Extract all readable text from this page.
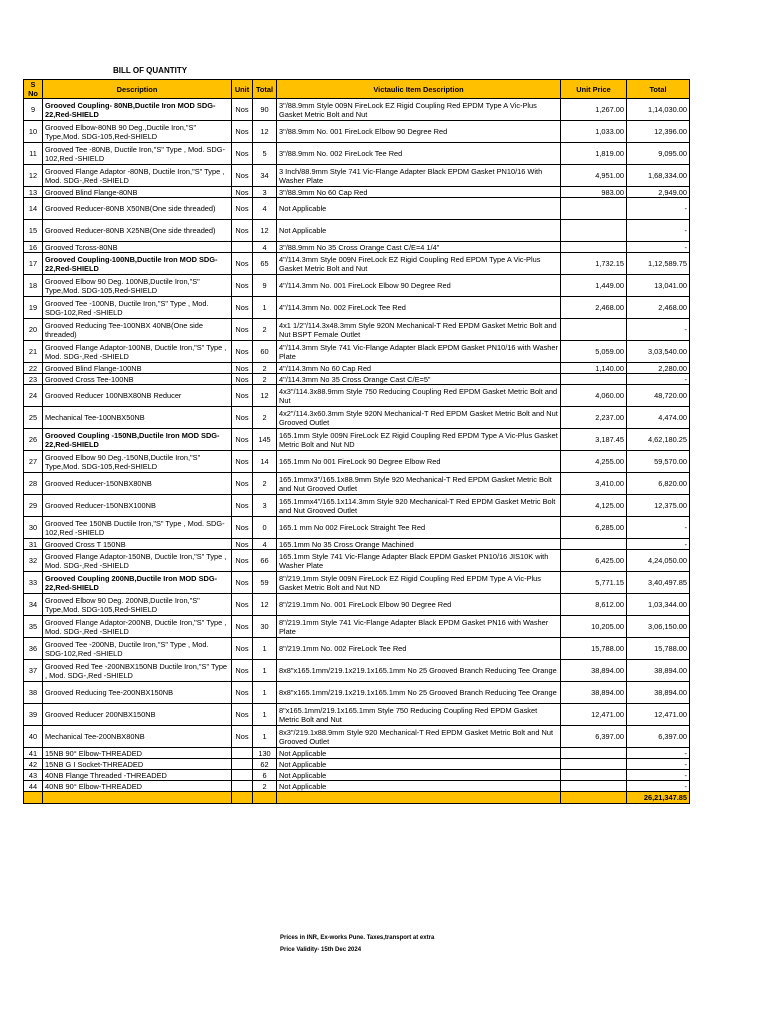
BILL OF QUANTITY
S No	Description	Unit	Total	Victaulic Item Description	Unit Price	Total
9	Grooved Coupling- 80NB,Ductile Iron MOD SDG-22,Red-SHIELD	Nos	90	3"/88.9mm Style 009N FireLock EZ Rigid Coupling Red EPDM Type A Vic-Plus Gasket Metric Bolt and Nut	1,267.00	1,14,030.00
10	Grooved Elbow-80NB 90 Deg.,Ductile Iron,"S" Type,Mod. SDG-105,Red-SHIELD	Nos	12	3"/88.9mm No. 001 FireLock Elbow 90 Degree Red	1,033.00	12,396.00
11	Grooved Tee -80NB, Ductile Iron,"S" Type , Mod. SDG-102,Red -SHIELD	Nos	5	3"/88.9mm No. 002 FireLock Tee Red	1,819.00	9,095.00
12	Grooved Flange Adaptor -80NB, Ductile Iron,"S" Type , Mod. SDG-,Red -SHIELD	Nos	34	3 Inch/88.9mm Style 741 Vic-Flange Adapter Black EPDM Gasket PN10/16 With Washer Plate	4,951.00	1,68,334.00
13	Grooved Blind Flange-80NB	Nos	3	3"/88.9mm No 60 Cap Red	983.00	2,949.00
14	Grooved Reducer-80NB X50NB(One side threaded)	Nos	4	Not Applicable		-
15	Grooved Reducer-80NB X25NB(One side threaded)	Nos	12	Not Applicable		-
16	Grooved Tcross-80NB		4	3"/88.9mm No 35 Cross Orange Cast C/E=4 1/4"		-
17	Grooved Coupling-100NB,Ductile Iron MOD SDG-22,Red-SHIELD	Nos	65	4"/114.3mm Style 009N FireLock EZ Rigid Coupling Red EPDM Type A Vic-Plus Gasket Metric Bolt and Nut	1,732.15	1,12,589.75
18	Grooved Elbow 90 Deg. 100NB,Ductile Iron,"S" Type,Mod. SDG-105,Red-SHIELD	Nos	9	4"/114.3mm No. 001 FireLock Elbow 90 Degree Red	1,449.00	13,041.00
19	Grooved Tee -100NB, Ductile Iron,"S" Type , Mod. SDG-102,Red -SHIELD	Nos	1	4"/114.3mm No. 002 FireLock Tee Red	2,468.00	2,468.00
20	Grooved Reducing Tee-100NBX 40NB(One side threaded)	Nos	2	4x1 1/2"/114.3x48.3mm Style 920N Mechanical-T Red EPDM Gasket Metric Bolt and Nut BSPT Female Outlet		-
21	Grooved Flange Adaptor-100NB, Ductile Iron,"S" Type , Mod. SDG-,Red -SHIELD	Nos	60	4"/114.3mm Style 741 Vic-Flange Adapter Black EPDM Gasket PN10/16 with Washer Plate	5,059.00	3,03,540.00
22	Grooved Blind Flange-100NB	Nos	2	4"/114.3mm No 60 Cap Red	1,140.00	2,280.00
23	Grooved Cross Tee-100NB	Nos	2	4"/114.3mm No 35 Cross Orange Cast C/E=5"		-
24	Grooved Reducer 100NBX80NB Reducer	Nos	12	4x3"/114.3x88.9mm Style 750 Reducing Coupling Red EPDM Gasket Metric Bolt and Nut	4,060.00	48,720.00
25	Mechanical Tee-100NBX50NB	Nos	2	4x2"/114.3x60.3mm Style 920N Mechanical-T Red EPDM Gasket Metric Bolt and Nut Grooved Outlet	2,237.00	4,474.00
26	Grooved Coupling -150NB,Ductile Iron MOD SDG-22,Red-SHIELD	Nos	145	165.1mm Style 009N FireLock EZ Rigid Coupling Red EPDM Type A Vic-Plus Gasket Metric Bolt and Nut ND	3,187.45	4,62,180.25
27	Grooved Elbow 90 Deg.-150NB,Ductile Iron,"S" Type,Mod. SDG-105,Red-SHIELD	Nos	14	165.1mm No 001 FireLock 90 Degree Elbow Red	4,255.00	59,570.00
28	Grooved Reducer-150NBX80NB	Nos	2	165.1mmx3"/165.1x88.9mm Style 920 Mechanical-T Red EPDM Gasket Metric Bolt and Nut Grooved Outlet	3,410.00	6,820.00
29	Grooved Reducer-150NBX100NB	Nos	3	165.1mmx4"/165.1x114.3mm Style 920 Mechanical-T Red EPDM Gasket Metric Bolt and Nut Grooved Outlet	4,125.00	12,375.00
30	Grooved Tee 150NB Ductile Iron,"S" Type , Mod. SDG-102,Red -SHIELD	Nos	0	165.1 mm No 002 FireLock Straight Tee Red	6,285.00	-
31	Grooved Cross T 150NB	Nos	4	165.1mm No 35 Cross Orange Machined		-
32	Grooved Flange Adaptor-150NB, Ductile Iron,"S" Type , Mod. SDG-,Red -SHIELD	Nos	66	165.1mm Style 741 Vic-Flange Adapter Black EPDM Gasket PN10/16 JIS10K with Washer Plate	6,425.00	4,24,050.00
33	Grooved Coupling 200NB,Ductile Iron MOD SDG-22,Red-SHIELD	Nos	59	8"/219.1mm Style 009N FireLock EZ Rigid Coupling Red EPDM Type A Vic-Plus Gasket Metric Bolt and Nut ND	5,771.15	3,40,497.85
34	Grooved Elbow 90 Deg. 200NB,Ductile Iron,"S" Type,Mod. SDG-105,Red-SHIELD	Nos	12	8"/219.1mm No. 001 FireLock Elbow 90 Degree Red	8,612.00	1,03,344.00
35	Grooved Flange Adaptor-200NB, Ductile Iron,"S" Type , Mod. SDG-,Red -SHIELD	Nos	30	8"/219.1mm Style 741 Vic-Flange Adapter Black EPDM Gasket PN16 with Washer Plate	10,205.00	3,06,150.00
36	Grooved Tee -200NB, Ductile Iron,"S" Type , Mod. SDG-102,Red -SHIELD	Nos	1	8"/219.1mm No. 002 FireLock Tee Red	15,788.00	15,788.00
37	Grooved Red Tee -200NBX150NB Ductile Iron,"S" Type , Mod. SDG-,Red -SHIELD	Nos	1	8x8"x165.1mm/219.1x219.1x165.1mm No 25 Grooved Branch Reducing Tee Orange	38,894.00	38,894.00
38	Grooved Reducing Tee-200NBX150NB	Nos	1	8x8"x165.1mm/219.1x219.1x165.1mm No 25 Grooved Branch Reducing Tee Orange	38,894.00	38,894.00
39	Grooved Reducer 200NBX150NB	Nos	1	8"x165.1mm/219.1x165.1mm Style 750 Reducing Coupling Red EPDM Gasket Metric Bolt and Nut	12,471.00	12,471.00
40	Mechanical Tee-200NBX80NB	Nos	1	8x3"/219.1x88.9mm Style 920 Mechanical-T Red EPDM Gasket Metric Bolt and Nut Grooved Outlet	6,397.00	6,397.00
41	15NB 90° Elbow-THREADED		130	Not Applicable		-
42	15NB G I Socket-THREADED		62	Not Applicable		-
43	40NB Flange Threaded -THREADED		6	Not Applicable		-
44	40NB 90° Elbow-THREADED		2	Not Applicable		-
						26,21,347.85
Prices in INR, Ex-works Pune. Taxes,transport at extra
Price Validity- 15th Dec 2024
